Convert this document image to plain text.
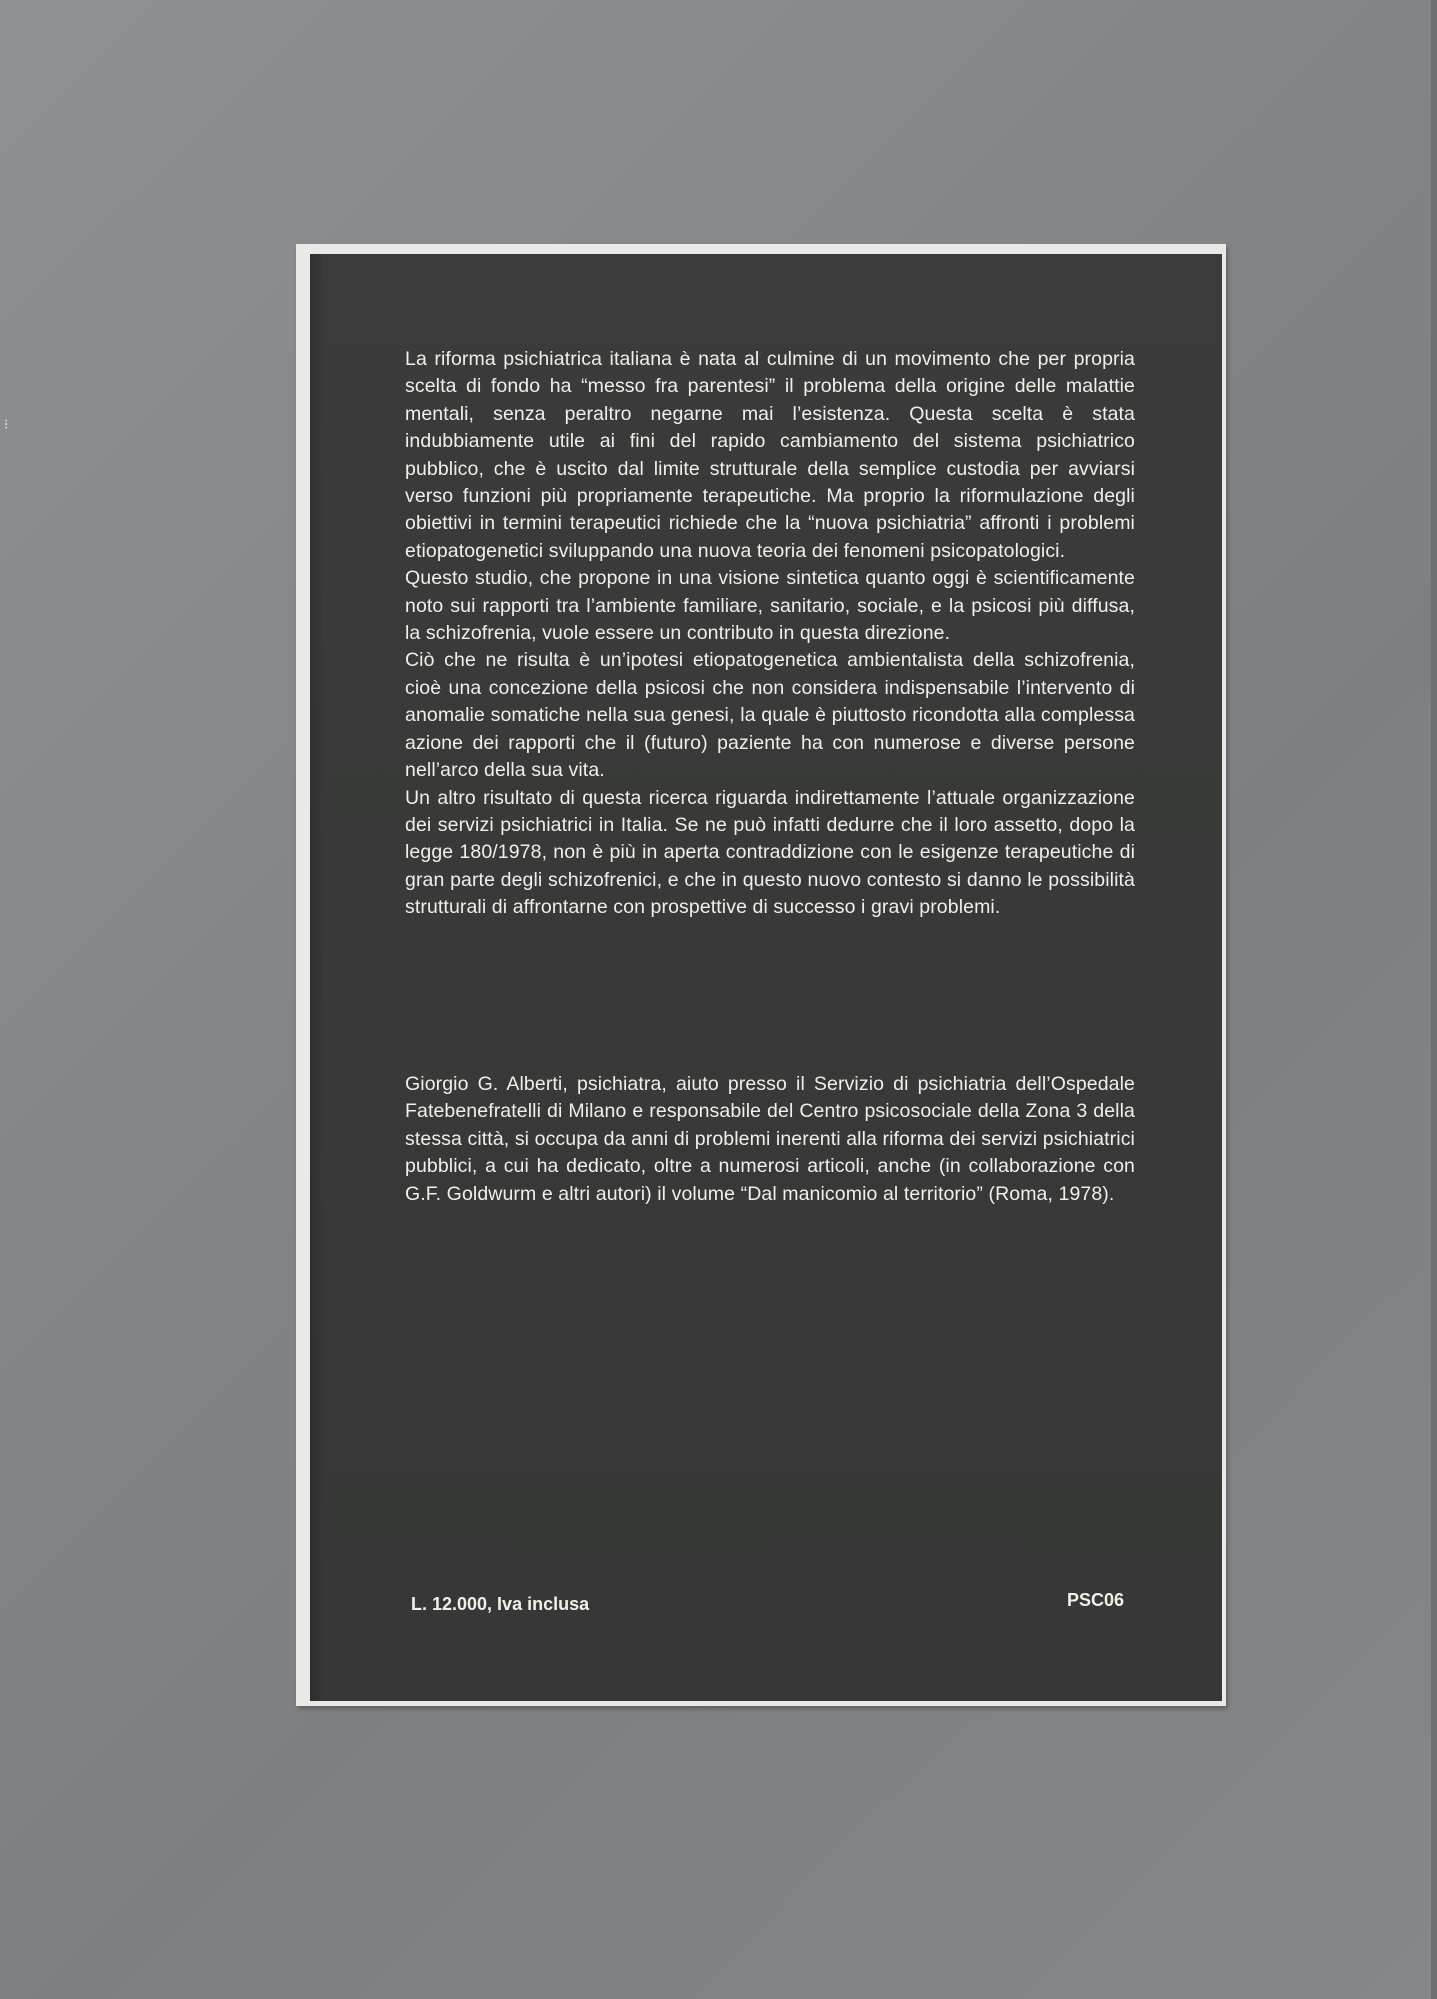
⁝

La riforma psichiatrica italiana è nata al culmine di un movimento che per propria scelta di fondo ha “messo fra parentesi” il problema della origine delle malattie mentali, senza peraltro negarne mai l’esistenza. Questa scelta è stata indubbiamente utile ai fini del rapido cambiamento del sistema psichiatrico pubblico, che è uscito dal limite strutturale della semplice custodia per avviarsi verso funzioni più propriamente terapeutiche. Ma proprio la riformulazione degli obiettivi in termini terapeutici richiede che la “nuova psichiatria” affronti i problemi etiopatogenetici sviluppando una nuova teoria dei fenomeni psicopatologici.

Questo studio, che propone in una visione sintetica quanto oggi è scientificamente noto sui rapporti tra l’ambiente familiare, sanitario, sociale, e la psicosi più diffusa, la schizofrenia, vuole essere un contributo in questa direzione.

Ciò che ne risulta è un’ipotesi etiopatogenetica ambientalista della schizofrenia, cioè una concezione della psicosi che non considera indispensabile l’intervento di anomalie somatiche nella sua genesi, la quale è piuttosto ricondotta alla complessa azione dei rapporti che il (futuro) paziente ha con numerose e diverse persone nell’arco della sua vita.

Un altro risultato di questa ricerca riguarda indirettamente l’attuale organizzazione dei servizi psichiatrici in Italia. Se ne può infatti dedurre che il loro assetto, dopo la legge 180/1978, non è più in aperta contraddizione con le esigenze terapeutiche di gran parte degli schizofrenici, e che in questo nuovo contesto si danno le possibilità strutturali di affrontarne con prospettive di successo i gravi problemi.

Giorgio G. Alberti, psichiatra, aiuto presso il Servizio di psichiatria dell’Ospedale Fatebenefratelli di Milano e responsabile del Centro psicosociale della Zona 3 della stessa città, si occupa da anni di problemi inerenti alla riforma dei servizi psichiatrici pubblici, a cui ha dedicato, oltre a numerosi articoli, anche (in collaborazione con G.F. Goldwurm e altri autori) il volume “Dal manicomio al territorio” (Roma, 1978).

L. 12.000, Iva inclusa	PSC06
